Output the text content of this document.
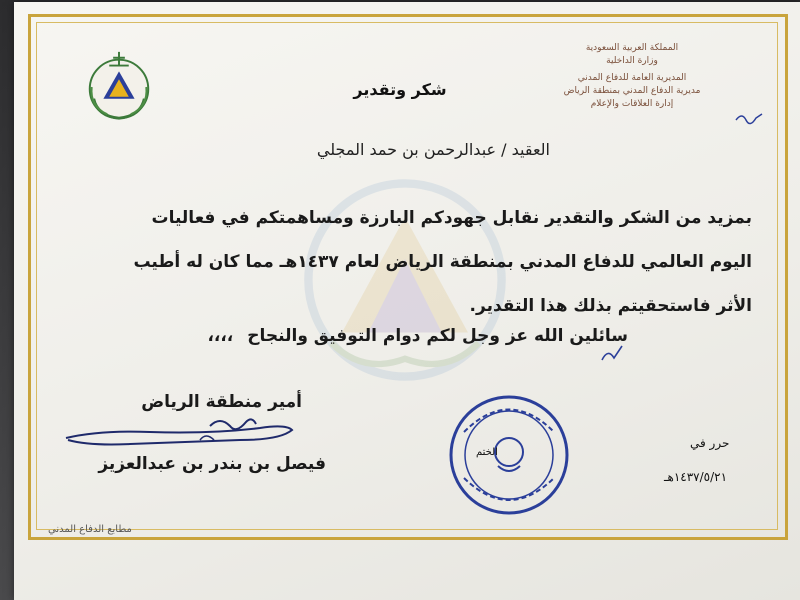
المملكة العربية السعودية
وزارة الداخلية
المديرية العامة للدفاع المدني
مديرية الدفاع المدني بمنطقة الرياض
إدارة العلاقات والإعلام
شكر وتقدير
العقيد / عبدالرحمن بن حمد المجلي
بمزيد من الشكر والتقدير نقابل جهودكم البارزة ومساهمتكم في فعاليات
اليوم العالمي للدفاع المدني بمنطقة الرياض لعام ١٤٣٧هـ مما كان له أطيب
الأثر فاستحقيتم بذلك هذا التقدير.
سائلين الله عز وجل لكم دوام التوفيق والنجاح،،،،
أمير منطقة الرياض
فيصل بن بندر بن عبدالعزيز
الختم
حرر في
١٤٣٧/٥/٢١هـ
مطابع الدفاع المدني
